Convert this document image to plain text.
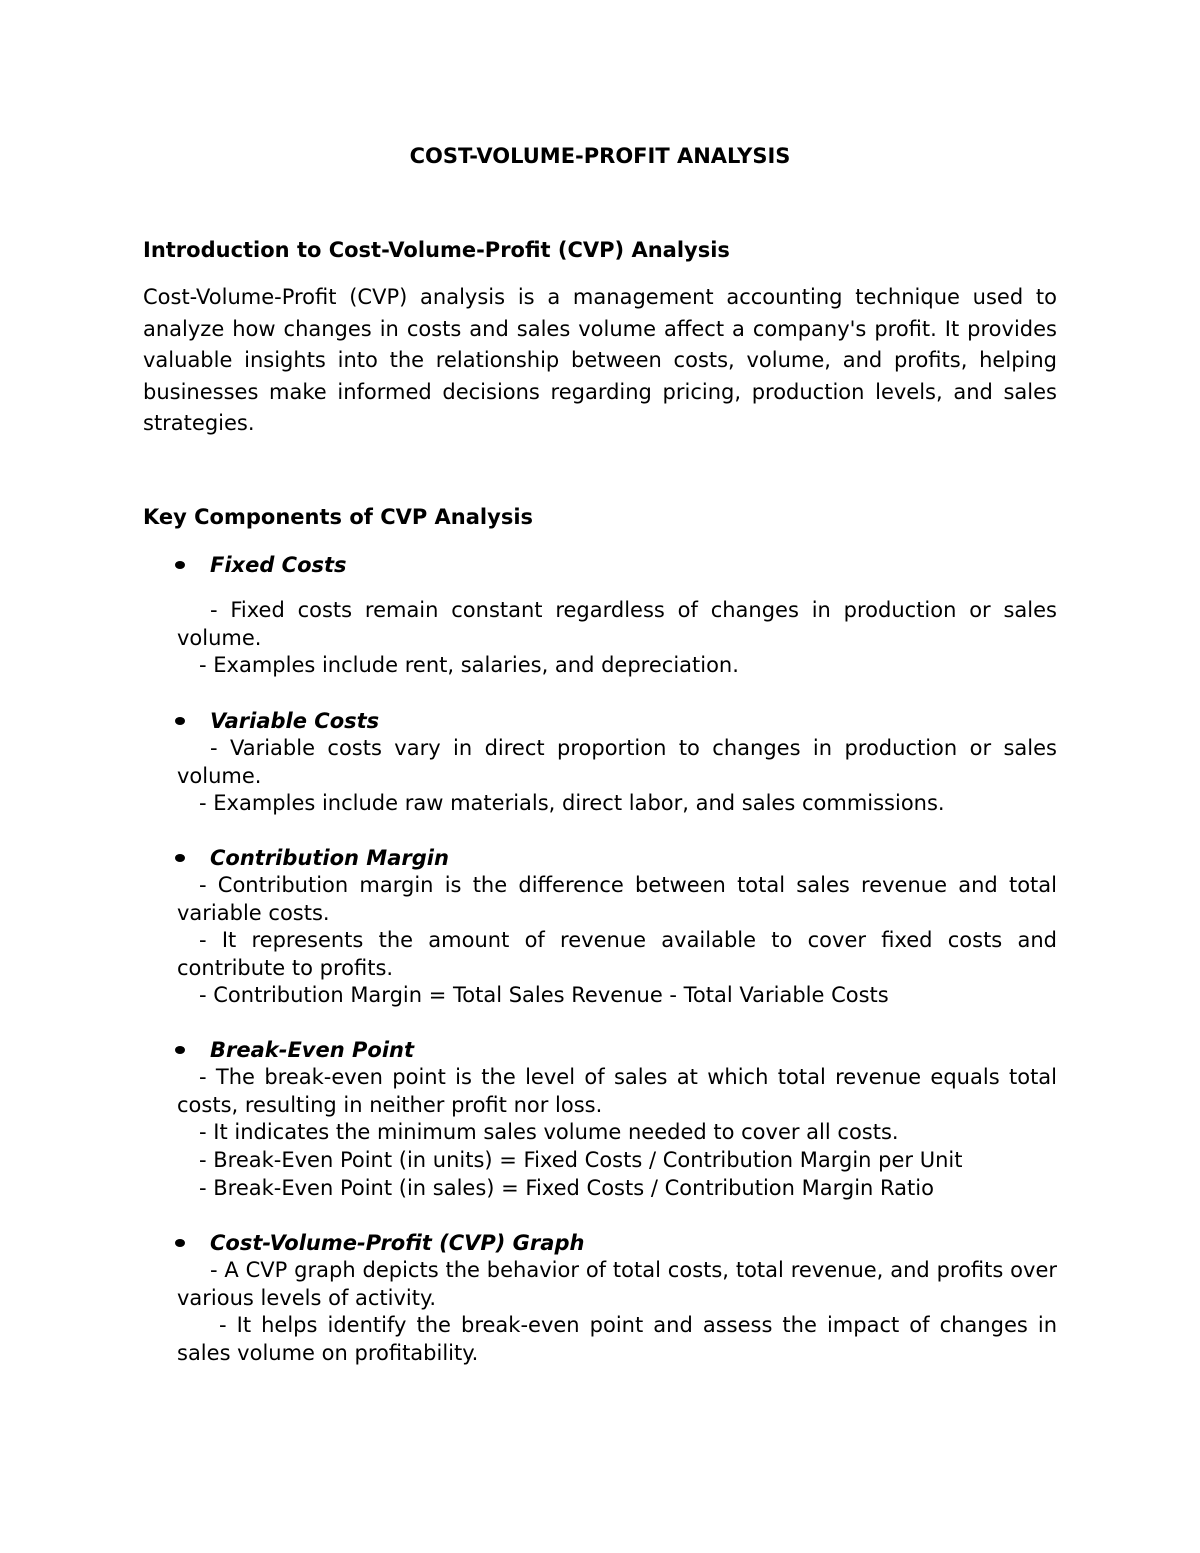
COST-VOLUME-PROFIT ANALYSIS
Introduction to Cost-Volume-Profit (CVP) Analysis

Cost-Volume-Profit (CVP) analysis is a management accounting technique used to analyze how changes in costs and sales volume affect a company's profit. It provides valuable insights into the relationship between costs, volume, and profits, helping businesses make informed decisions regarding pricing, production levels, and sales strategies.

Key Components of CVP Analysis
Fixed Costs

- Fixed costs remain constant regardless of changes in production or sales volume.

- Examples include rent, salaries, and depreciation.
Variable Costs

- Variable costs vary in direct proportion to changes in production or sales volume.

- Examples include raw materials, direct labor, and sales commissions.
Contribution Margin

- Contribution margin is the difference between total sales revenue and total variable costs.

- It represents the amount of revenue available to cover fixed costs and contribute to profits.

- Contribution Margin = Total Sales Revenue - Total Variable Costs
Break-Even Point

- The break-even point is the level of sales at which total revenue equals total costs, resulting in neither profit nor loss.

- It indicates the minimum sales volume needed to cover all costs.
- Break-Even Point (in units) = Fixed Costs / Contribution Margin per Unit
- Break-Even Point (in sales) = Fixed Costs / Contribution Margin Ratio
Cost-Volume-Profit (CVP) Graph

- A CVP graph depicts the behavior of total costs, total revenue, and profits over various levels of activity.

- It helps identify the break-even point and assess the impact of changes in sales volume on profitability.
